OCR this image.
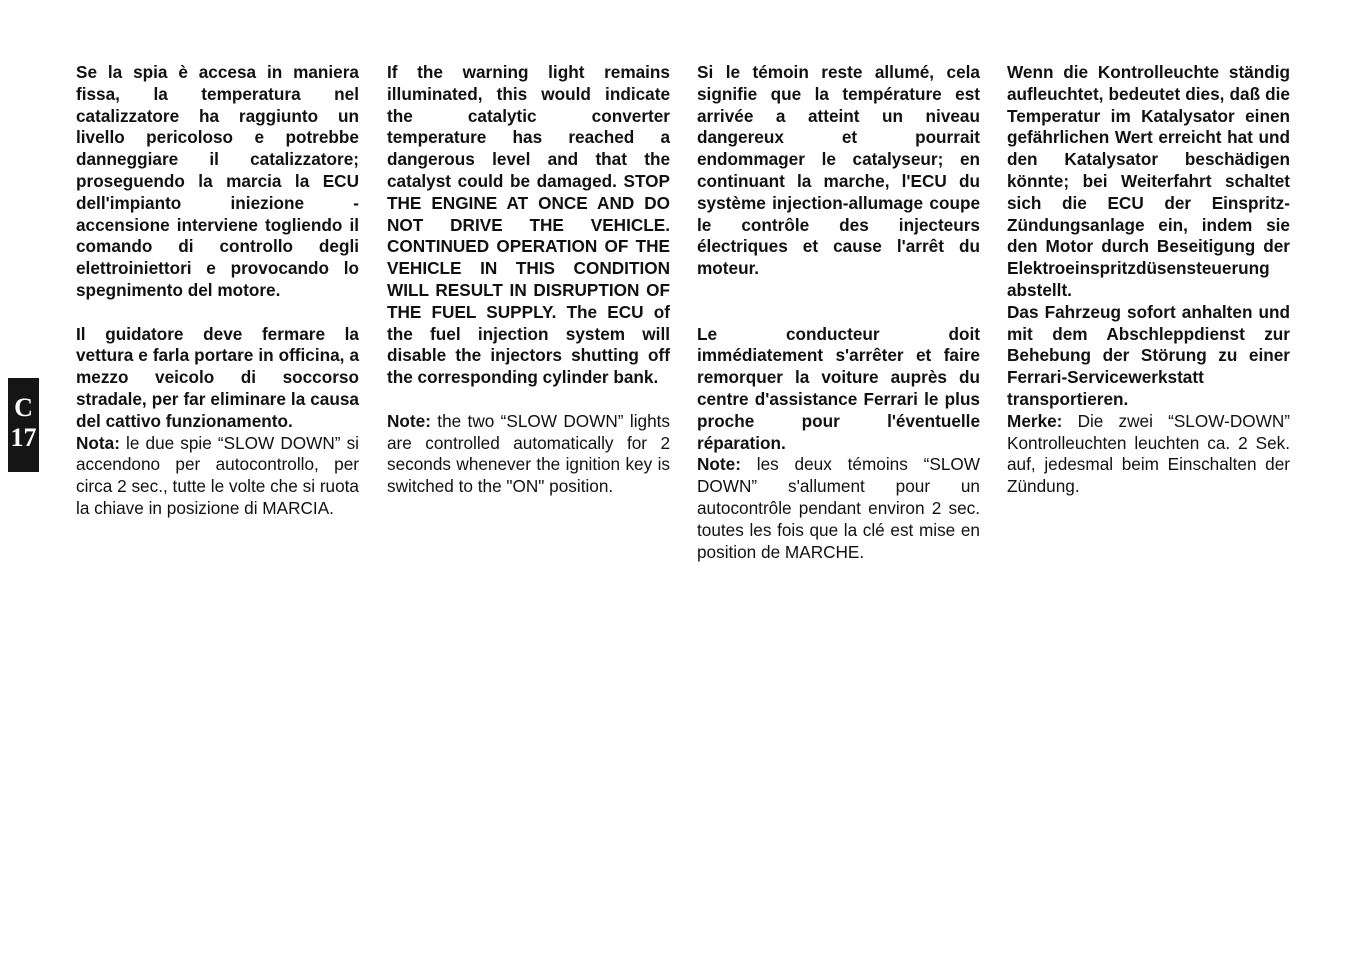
C
17

Se la spia è accesa in maniera fissa, la temperatura nel catalizzatore ha raggiunto un livello pericoloso e potrebbe danneggiare il catalizzatore; proseguendo la marcia la ECU dell'impianto iniezione - accensione interviene togliendo il comando di controllo degli elettroiniettori e provocando lo spegnimento del motore.

Il guidatore deve fermare la vettura e farla portare in officina, a mezzo veicolo di soccorso stradale, per far eliminare la causa del cattivo funzionamento.

Nota: le due spie “SLOW DOWN” si accendono per autocontrollo, per circa 2 sec., tutte le volte che si ruota la chiave in posizione di MARCIA.

If the warning light remains illuminated, this would indicate the catalytic converter temperature has reached a dangerous level and that the catalyst could be damaged. STOP THE ENGINE AT ONCE AND DO NOT DRIVE THE VEHICLE. CONTINUED OPERATION OF THE VEHICLE IN THIS CONDITION WILL RESULT IN DISRUPTION OF THE FUEL SUPPLY. The ECU of the fuel injection system will disable the injectors shutting off the corresponding cylinder bank.

Note: the two “SLOW DOWN” lights are controlled automatically for 2 seconds whenever the ignition key is switched to the "ON" position.

Si le témoin reste allumé, cela signifie que la température est arrivée a atteint un niveau dangereux et pourrait endommager le catalyseur; en continuant la marche, l'ECU du système injection-allumage coupe le contrôle des injecteurs électriques et cause l'arrêt du moteur.

Le conducteur doit immédiatement s'arrêter et faire remorquer la voiture auprès du centre d'assistance Ferrari le plus proche pour l'éventuelle réparation.

Note: les deux témoins “SLOW DOWN” s'allument pour un autocontrôle pendant environ 2 sec. toutes les fois que la clé est mise en position de MARCHE.

Wenn die Kontrolleuchte ständig aufleuchtet, bedeutet dies, daß die Temperatur im Katalysator einen gefährlichen Wert erreicht hat und den Katalysator beschädigen könnte; bei Weiterfahrt schaltet sich die ECU der Einspritz-Zündungsanlage ein, indem sie den Motor durch Beseitigung der Elektroeinspritzdüsensteuerung abstellt.

Das Fahrzeug sofort anhalten und mit dem Abschleppdienst zur Behebung der Störung zu einer Ferrari-Servicewerkstatt transportieren.

Merke: Die zwei “SLOW-DOWN” Kontrolleuchten leuchten ca. 2 Sek. auf, jedesmal beim Einschalten der Zündung.
